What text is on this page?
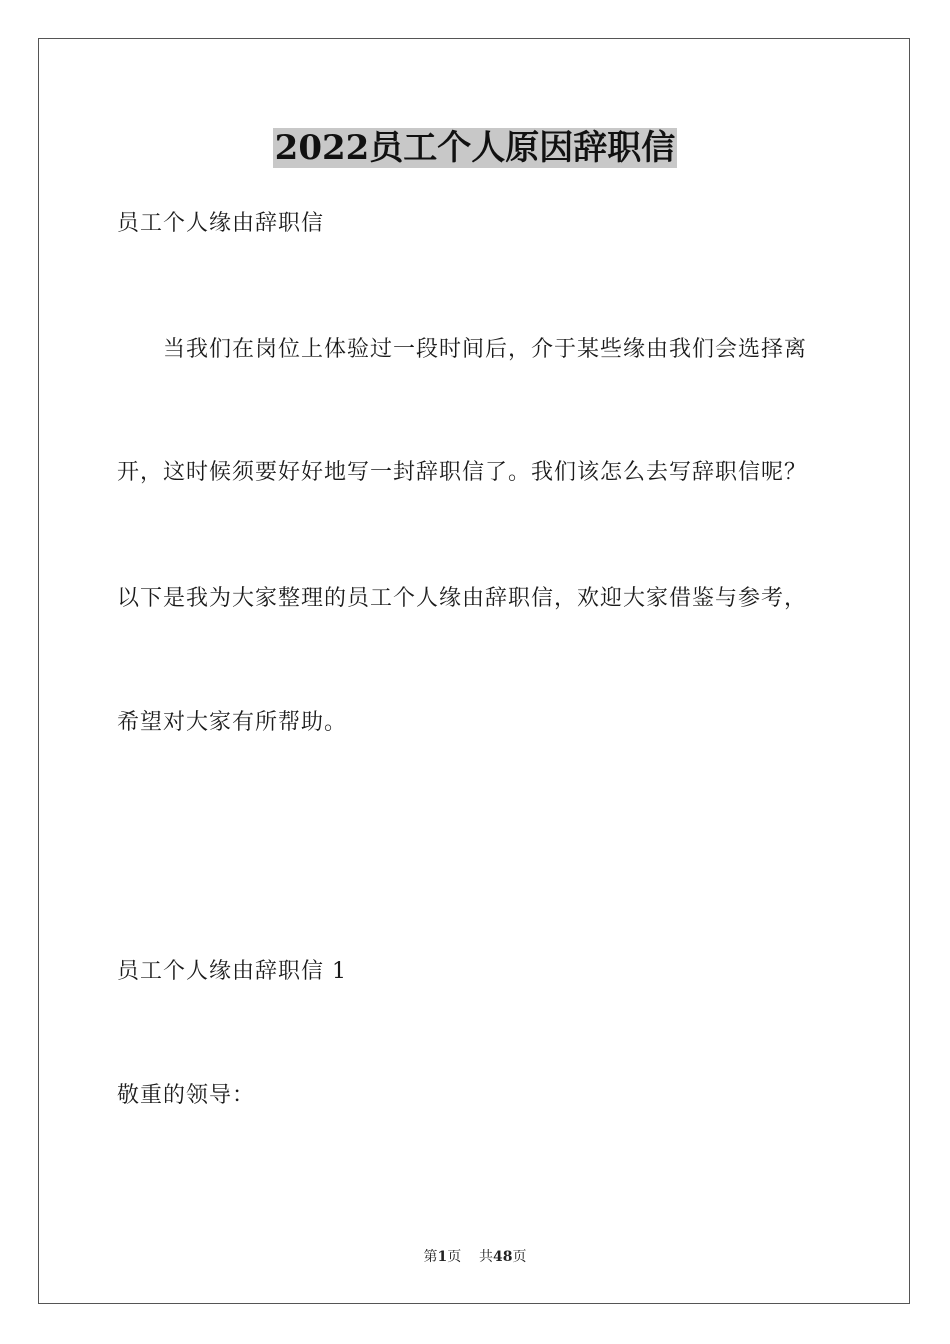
2022员工个人原因辞职信
员工个人缘由辞职信
当我们在岗位上体验过一段时间后，介于某些缘由我们会选择离
开，这时候须要好好地写一封辞职信了。我们该怎么去写辞职信呢？
以下是我为大家整理的员工个人缘由辞职信，欢迎大家借鉴与参考，
希望对大家有所帮助。
员工个人缘由辞职信 1
敬重的领导：
第1页 共48页
